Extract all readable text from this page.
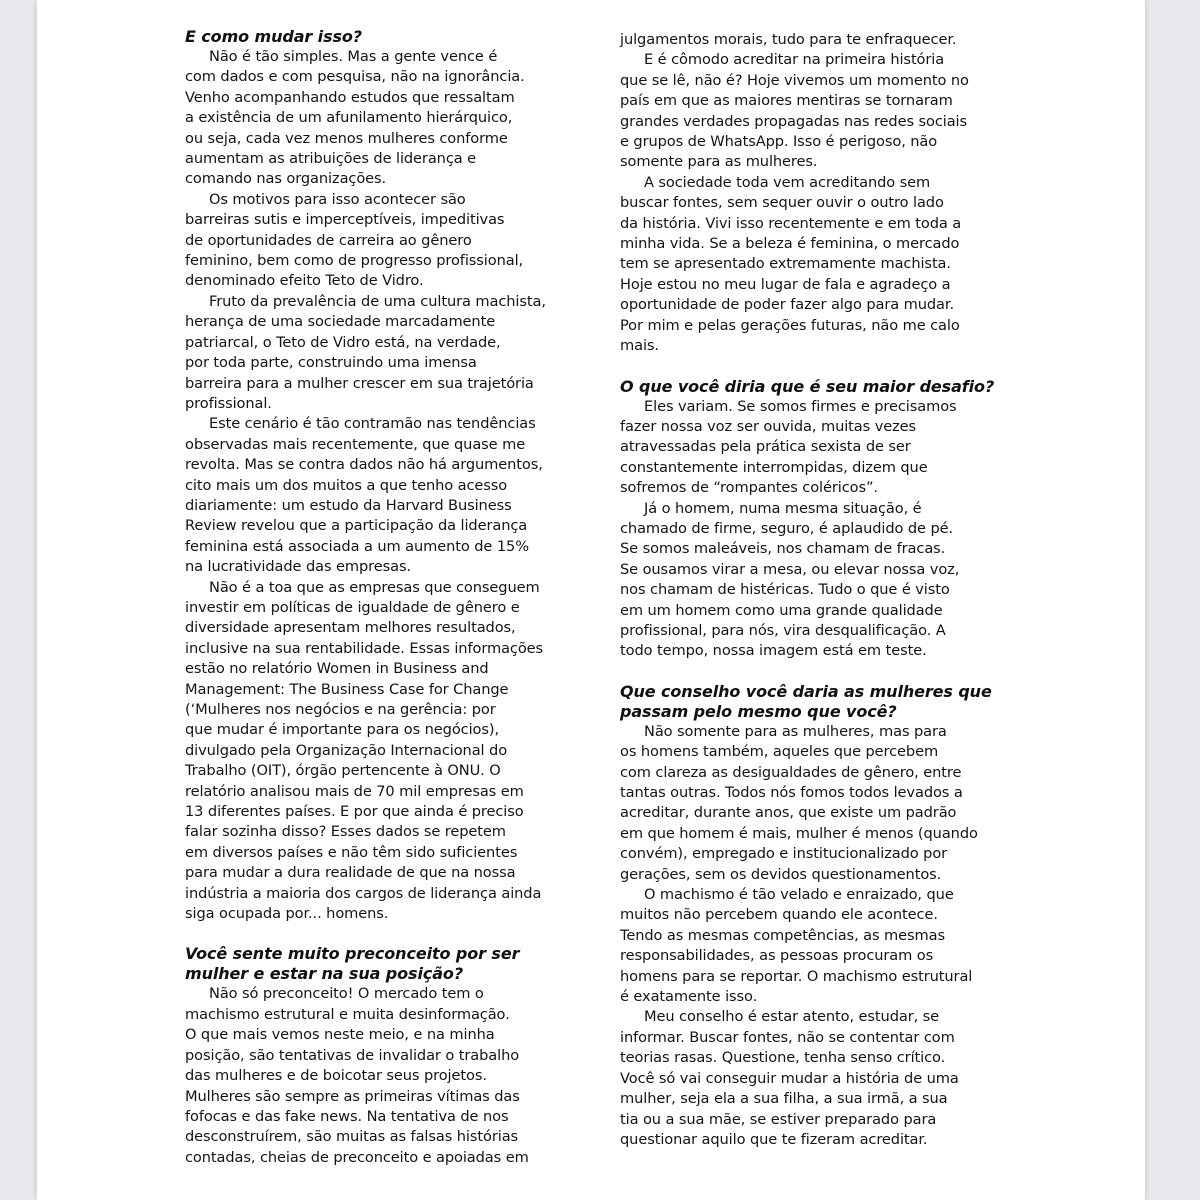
E como mudar isso?
Não é tão simples. Mas a gente vence é
com dados e com pesquisa, não na ignorância.
Venho acompanhando estudos que ressaltam
a existência de um afunilamento hierárquico,
ou seja, cada vez menos mulheres conforme
aumentam as atribuições de liderança e
comando nas organizações.
Os motivos para isso acontecer são
barreiras sutis e imperceptíveis, impeditivas
de oportunidades de carreira ao gênero
feminino, bem como de progresso profissional,
denominado efeito Teto de Vidro.
Fruto da prevalência de uma cultura machista,
herança de uma sociedade marcadamente
patriarcal, o Teto de Vidro está, na verdade,
por toda parte, construindo uma imensa
barreira para a mulher crescer em sua trajetória
profissional.
Este cenário é tão contramão nas tendências
observadas mais recentemente, que quase me
revolta. Mas se contra dados não há argumentos,
cito mais um dos muitos a que tenho acesso
diariamente: um estudo da Harvard Business
Review revelou que a participação da liderança
feminina está associada a um aumento de 15%
na lucratividade das empresas.
Não é a toa que as empresas que conseguem
investir em políticas de igualdade de gênero e
diversidade apresentam melhores resultados,
inclusive na sua rentabilidade. Essas informações
estão no relatório Women in Business and
Management: The Business Case for Change
(‘Mulheres nos negócios e na gerência: por
que mudar é importante para os negócios),
divulgado pela Organização Internacional do
Trabalho (OIT), órgão pertencente à ONU. O
relatório analisou mais de 70 mil empresas em
13 diferentes países. E por que ainda é preciso
falar sozinha disso? Esses dados se repetem
em diversos países e não têm sido suficientes
para mudar a dura realidade de que na nossa
indústria a maioria dos cargos de liderança ainda
siga ocupada por... homens.
Você sente muito preconceito por ser
mulher e estar na sua posição?
Não só preconceito! O mercado tem o
machismo estrutural e muita desinformação.
O que mais vemos neste meio, e na minha
posição, são tentativas de invalidar o trabalho
das mulheres e de boicotar seus projetos.
Mulheres são sempre as primeiras vítimas das
fofocas e das fake news. Na tentativa de nos
desconstruírem, são muitas as falsas histórias
contadas, cheias de preconceito e apoiadas em
julgamentos morais, tudo para te enfraquecer.
E é cômodo acreditar na primeira história
que se lê, não é? Hoje vivemos um momento no
país em que as maiores mentiras se tornaram
grandes verdades propagadas nas redes sociais
e grupos de WhatsApp. Isso é perigoso, não
somente para as mulheres.
A sociedade toda vem acreditando sem
buscar fontes, sem sequer ouvir o outro lado
da história. Vivi isso recentemente e em toda a
minha vida. Se a beleza é feminina, o mercado
tem se apresentado extremamente machista.
Hoje estou no meu lugar de fala e agradeço a
oportunidade de poder fazer algo para mudar.
Por mim e pelas gerações futuras, não me calo
mais.
O que você diria que é seu maior desafio?
Eles variam. Se somos firmes e precisamos
fazer nossa voz ser ouvida, muitas vezes
atravessadas pela prática sexista de ser
constantemente interrompidas, dizem que
sofremos de “rompantes coléricos”.
Já o homem, numa mesma situação, é
chamado de firme, seguro, é aplaudido de pé.
Se somos maleáveis, nos chamam de fracas.
Se ousamos virar a mesa, ou elevar nossa voz,
nos chamam de histéricas. Tudo o que é visto
em um homem como uma grande qualidade
profissional, para nós, vira desqualificação. A
todo tempo, nossa imagem está em teste.
Que conselho você daria as mulheres que
passam pelo mesmo que você?
Não somente para as mulheres, mas para
os homens também, aqueles que percebem
com clareza as desigualdades de gênero, entre
tantas outras. Todos nós fomos todos levados a
acreditar, durante anos, que existe um padrão
em que homem é mais, mulher é menos (quando
convém), empregado e institucionalizado por
gerações, sem os devidos questionamentos.
O machismo é tão velado e enraizado, que
muitos não percebem quando ele acontece.
Tendo as mesmas competências, as mesmas
responsabilidades, as pessoas procuram os
homens para se reportar. O machismo estrutural
é exatamente isso.
Meu conselho é estar atento, estudar, se
informar. Buscar fontes, não se contentar com
teorias rasas. Questione, tenha senso crítico.
Você só vai conseguir mudar a história de uma
mulher, seja ela a sua filha, a sua irmã, a sua
tia ou a sua mãe, se estiver preparado para
questionar aquilo que te fizeram acreditar.
